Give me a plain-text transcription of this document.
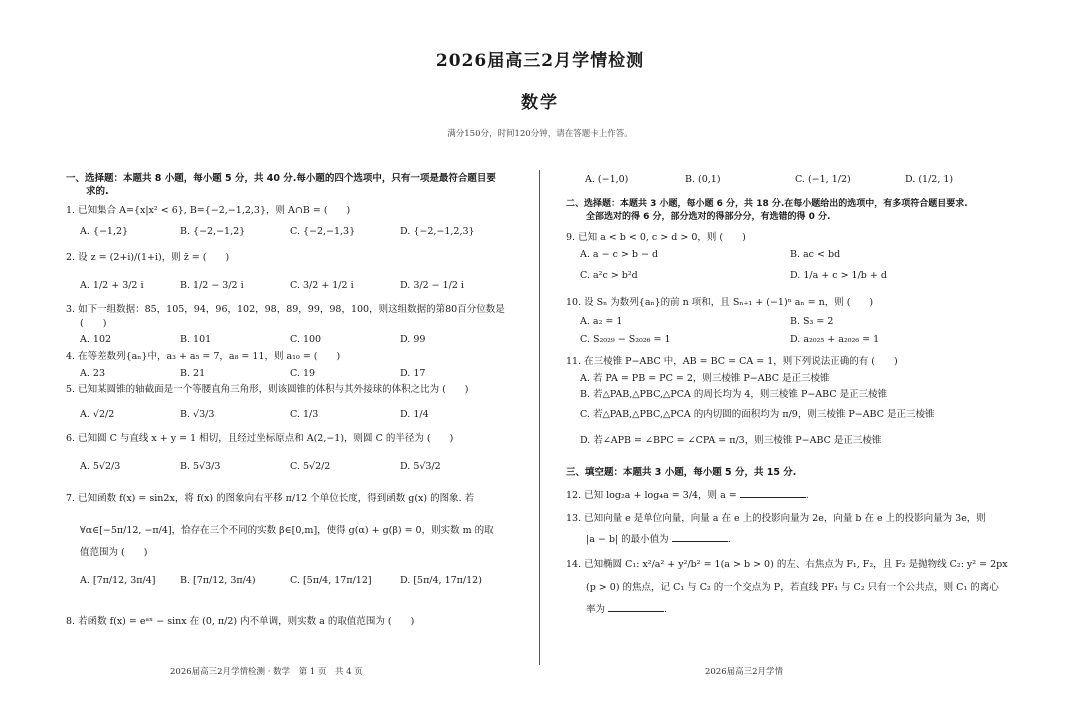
2026届高三2月学情检测
数学
满分150分，时间120分钟，请在答题卡上作答。
一、选择题：本题共 8 小题，每小题 5 分，共 40 分.每小题的四个选项中，只有一项是最符合题目要
求的.
1. 已知集合 A={x|x² < 6}, B={−2,−1,2,3}，则 A∩B = (　　)
A. {−1,2}	B. {−2,−1,2}	C. {−2,−1,3}	D. {−2,−1,2,3}
2. 设 z = (2+i)/(1+i)，则 z̄ = (　　)
A. 1/2 + 3/2 i	B. 1/2 − 3/2 i	C. 3/2 + 1/2 i	D. 3/2 − 1/2 i
3. 如下一组数据：85，105，94，96，102，98，89，99，98，100，则这组数据的第80百分位数是
(　　)
A. 102	B. 101	C. 100	D. 99
4. 在等差数列{aₙ}中，a₃ + a₅ = 7，a₈ = 11，则 a₁₀ = (　　)
A. 23	B. 21	C. 19	D. 17
5. 已知某圆锥的轴截面是一个等腰直角三角形，则该圆锥的体积与其外接球的体积之比为 (　　)
A. √2/2	B. √3/3	C. 1/3	D. 1/4
6. 已知圆 C 与直线 x + y = 1 相切，且经过坐标原点和 A(2,−1)，则圆 C 的半径为 (　　)
A. 5√2/3	B. 5√3/3	C. 5√2/2	D. 5√3/2
7. 已知函数 f(x) = sin2x，将 f(x) 的图象向右平移 π/12 个单位长度，得到函数 g(x) 的图象. 若
∀α∈[−5π/12, −π/4]，恰存在三个不同的实数 β∈[0,m]，使得 g(α) + g(β) = 0，则实数 m 的取
值范围为 (　　)
A. [7π/12, 3π/4]	B. [7π/12, 3π/4)	C. [5π/4, 17π/12]	D. [5π/4, 17π/12)
8. 若函数 f(x) = eᵃˣ − sinx 在 (0, π/2) 内不单调，则实数 a 的取值范围为 (　　)
2026届高三2月学情检测 · 数学　第 1 页　共 4 页
A. (−1,0)	B. (0,1)	C. (−1, 1/2)	D. (1/2, 1)
二、选择题：本题共 3 小题，每小题 6 分，共 18 分.在每小题给出的选项中，有多项符合题目要求.
全部选对的得 6 分，部分选对的得部分分，有选错的得 0 分.
9. 已知 a < b < 0, c > d > 0，则 (　　)
A. a − c > b − d	B. ac < bd
C. a²c > b²d	D. 1/a + c > 1/b + d
10. 设 Sₙ 为数列{aₙ}的前 n 项和，且 Sₙ₊₁ + (−1)ⁿ aₙ = n，则 (　　)
A. a₂ = 1	B. S₃ = 2
C. S₂₀₂₉ − S₂₀₂₆ = 1	D. a₂₀₂₅ + a₂₀₂₆ = 1
11. 在三棱锥 P−ABC 中，AB = BC = CA = 1，则下列说法正确的有 (　　)
A. 若 PA = PB = PC = 2，则三棱锥 P−ABC 是正三棱锥
B. 若△PAB,△PBC,△PCA 的周长均为 4，则三棱锥 P−ABC 是正三棱锥
C. 若△PAB,△PBC,△PCA 的内切圆的面积均为 π/9，则三棱锥 P−ABC 是正三棱锥
D. 若∠APB = ∠BPC = ∠CPA = π/3，则三棱锥 P−ABC 是正三棱锥
三、填空题：本题共 3 小题，每小题 5 分，共 15 分.
12. 已知 log₂a + log₄a = 3/4，则 a =	.
13. 已知向量 e 是单位向量，向量 a 在 e 上的投影向量为 2e，向量 b 在 e 上的投影向量为 3e，则
|a − b| 的最小值为	.
14. 已知椭圆 C₁: x²/a² + y²/b² = 1(a > b > 0) 的左、右焦点为 F₁, F₂，且 F₂ 是抛物线 C₂: y² = 2px
(p > 0) 的焦点，记 C₁ 与 C₂ 的一个交点为 P，若直线 PF₁ 与 C₂ 只有一个公共点，则 C₁ 的离心
率为	.
2026届高三2月学情
